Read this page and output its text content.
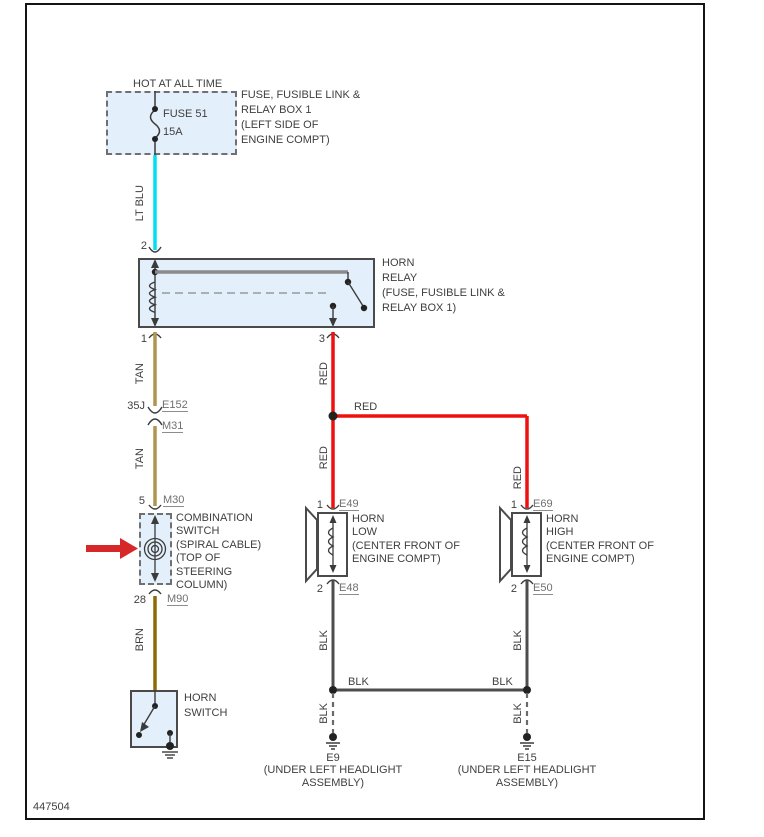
HOT AT ALL TIME
FUSE 51
15A
FUSE, FUSIBLE LINK &
RELAY BOX 1
(LEFT SIDE OF
ENGINE COMPT)
LT BLU
2
1	3
HORN
RELAY
(FUSE, FUSIBLE LINK &
RELAY BOX 1)
TAN
35J E152
M31
TAN
5 M30
COMBINATION
SWITCH
(SPIRAL CABLE)
(TOP OF
STEERING
COLUMN)
28 M90
BRN
HORN
SWITCH
RED
RED
RED
RED
1 E49
HORN
LOW
(CENTER FRONT OF
ENGINE COMPT)
2 E48
1 E69
HORN
HIGH
(CENTER FRONT OF
ENGINE COMPT)
2 E50
BLK	BLK
BLK	BLK
BLK	BLK
E9
(UNDER LEFT HEADLIGHT
ASSEMBLY)
E15
(UNDER LEFT HEADLIGHT
ASSEMBLY)
447504
